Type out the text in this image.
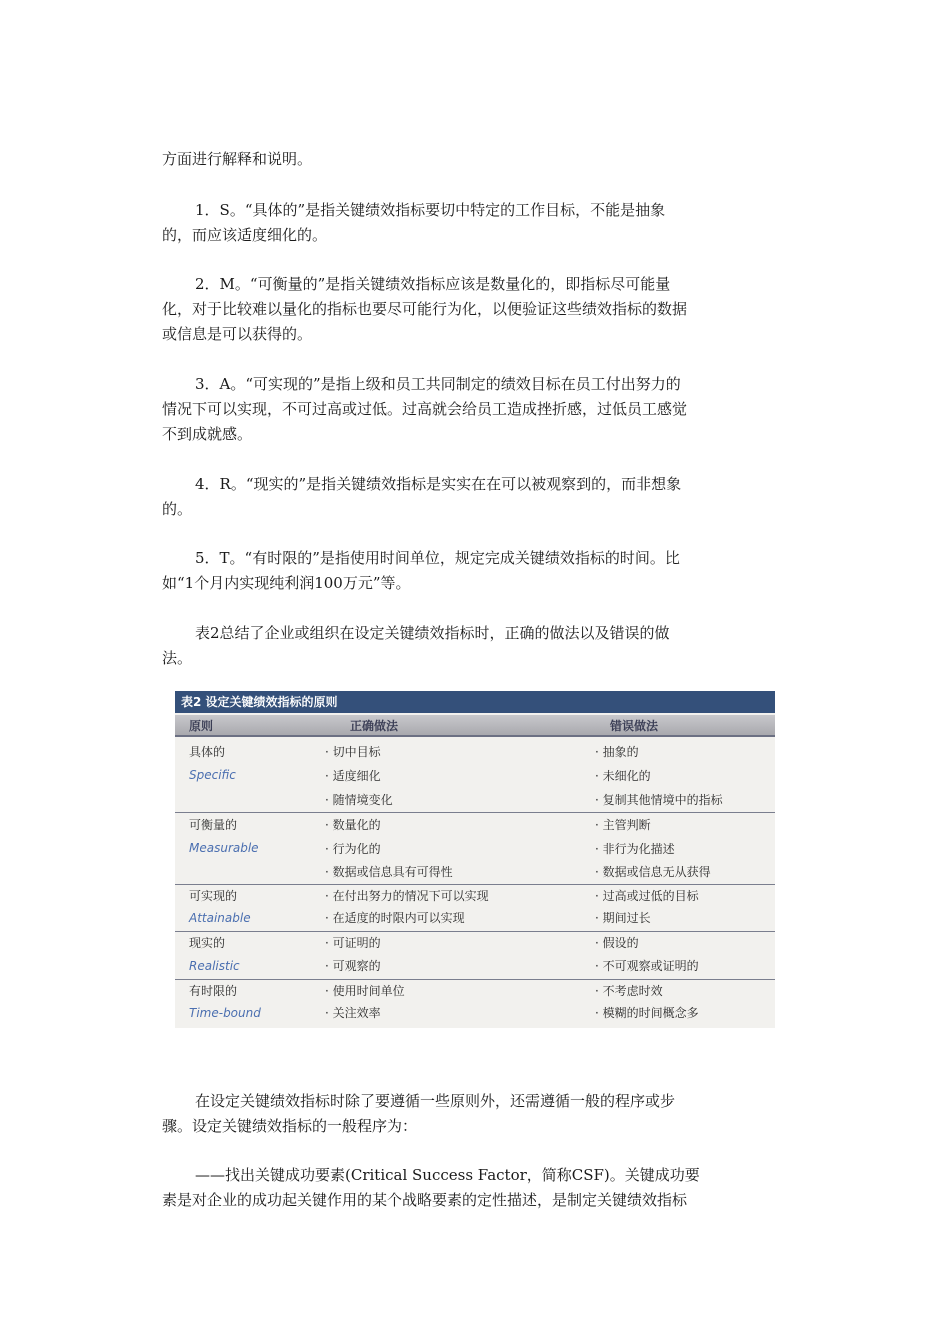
方面进行解释和说明。
1．S。“具体的”是指关键绩效指标要切中特定的工作目标，不能是抽象
的，而应该适度细化的。
2．M。“可衡量的”是指关键绩效指标应该是数量化的，即指标尽可能量
化，对于比较难以量化的指标也要尽可能行为化，以便验证这些绩效指标的数据
或信息是可以获得的。
3．A。“可实现的”是指上级和员工共同制定的绩效目标在员工付出努力的
情况下可以实现，不可过高或过低。过高就会给员工造成挫折感，过低员工感觉
不到成就感。
4．R。“现实的”是指关键绩效指标是实实在在可以被观察到的，而非想象
的。
5．T。“有时限的”是指使用时间单位，规定完成关键绩效指标的时间。比
如“1个月内实现纯利润100万元”等。
表2总结了企业或组织在设定关键绩效指标时，正确的做法以及错误的做
法。
表2 设定关键绩效指标的原则
原则	正确做法	错误做法
具体的
Specific
· 切中目标
· 适度细化
· 随情境变化
· 抽象的
· 未细化的
· 复制其他情境中的指标
可衡量的
Measurable
· 数量化的
· 行为化的
· 数据或信息具有可得性
· 主管判断
· 非行为化描述
· 数据或信息无从获得
可实现的
Attainable
· 在付出努力的情况下可以实现
· 在适度的时限内可以实现
· 过高或过低的目标
· 期间过长
现实的
Realistic
· 可证明的
· 可观察的
· 假设的
· 不可观察或证明的
有时限的
Time-bound
· 使用时间单位
· 关注效率
· 不考虑时效
· 模糊的时间概念多
在设定关键绩效指标时除了要遵循一些原则外，还需遵循一般的程序或步
骤。设定关键绩效指标的一般程序为：
——找出关键成功要素(Critical Success Factor，简称CSF)。关键成功要
素是对企业的成功起关键作用的某个战略要素的定性描述，是制定关键绩效指标
